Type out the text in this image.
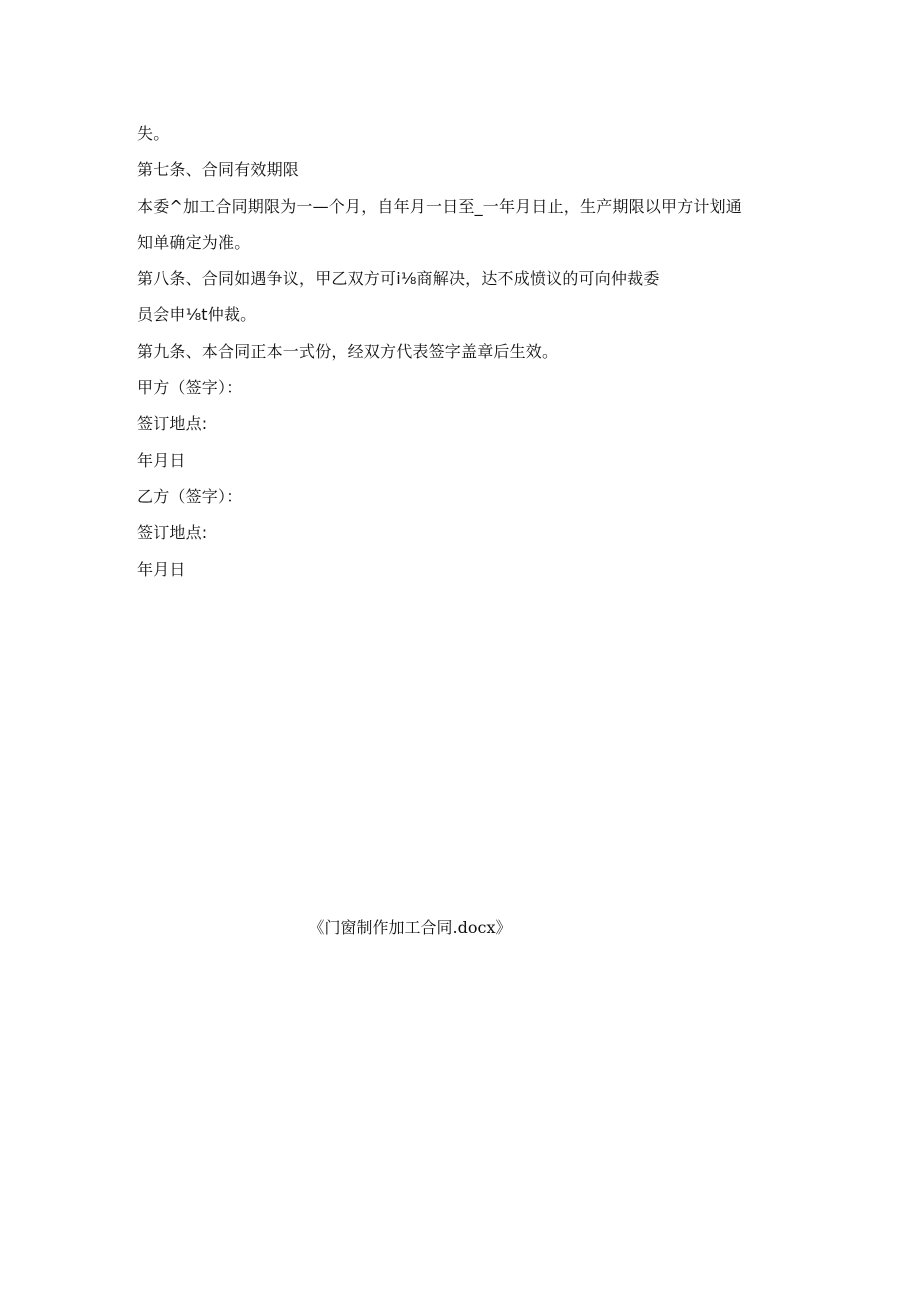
失。
第七条、合同有效期限
本委^加工合同期限为一—个月，自年月一日至_一年月日止，生产期限以甲方计划通
知单确定为准。
第八条、合同如遇争议，甲乙双方可i⅛商解决，达不成愤议的可向仲裁委
员会申⅛t仲裁。
第九条、本合同正本一式份，经双方代表签字盖章后生效。
甲方（签字）：
签订地点:
年月日
乙方（签字）：
签订地点:
年月日
《门窗制作加工合同.docx》
